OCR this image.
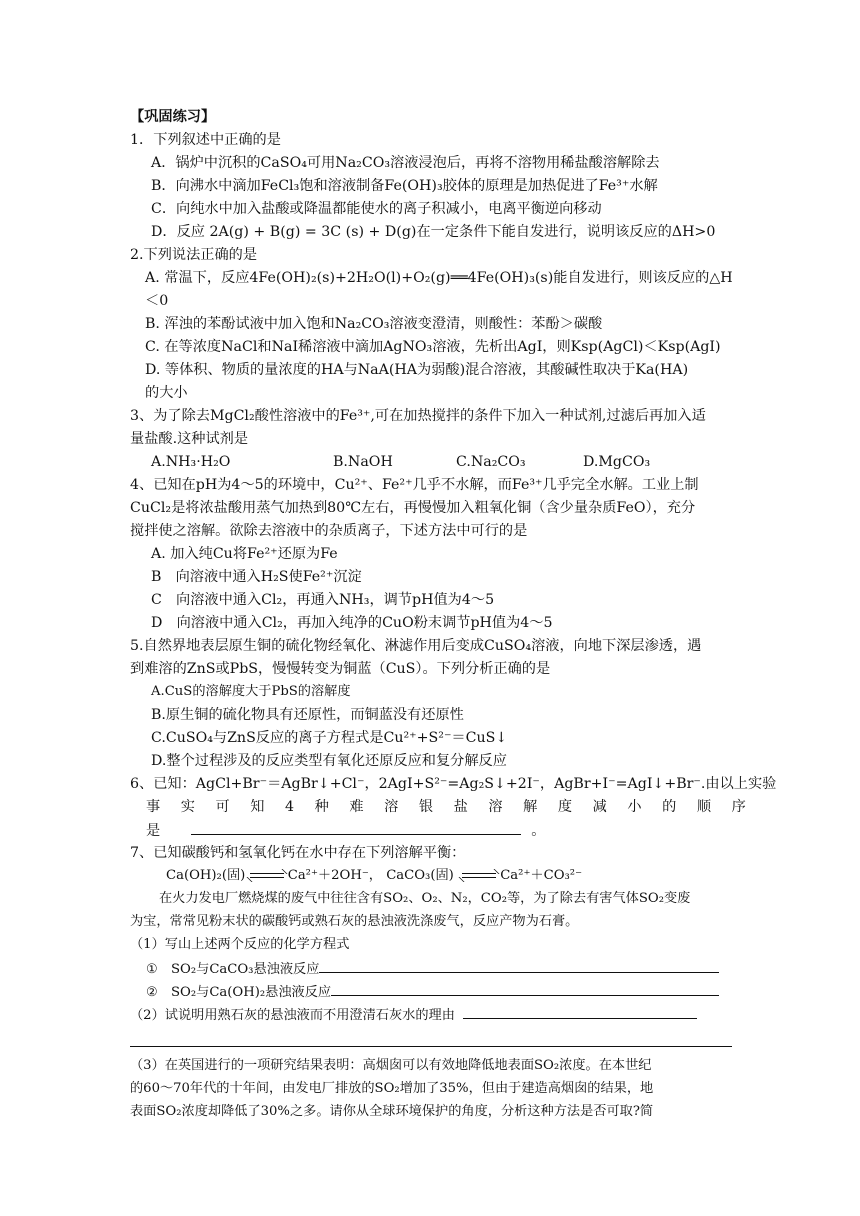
【巩固练习】
1．下列叙述中正确的是
A．锅炉中沉积的CaSO₄可用Na₂CO₃溶液浸泡后，再将不溶物用稀盐酸溶解除去
B．向沸水中滴加FeCl₃饱和溶液制备Fe(OH)₃胶体的原理是加热促进了Fe³⁺水解
C．向纯水中加入盐酸或降温都能使水的离子积减小，电离平衡逆向移动
D．反应 2A(g) + B(g) = 3C (s) + D(g)在一定条件下能自发进行，说明该反应的ΔH>0
2.下列说法正确的是
A. 常温下，反应4Fe(OH)₂(s)+2H₂O(l)+O₂(g)══4Fe(OH)₃(s)能自发进行，则该反应的△H
＜0
B. 浑浊的苯酚试液中加入饱和Na₂CO₃溶液变澄清，则酸性：苯酚＞碳酸
C. 在等浓度NaCl和NaI稀溶液中滴加AgNO₃溶液，先析出AgI，则Ksp(AgCl)＜Ksp(AgI)
D. 等体积、物质的量浓度的HA与NaA(HA为弱酸)混合溶液，其酸碱性取决于Ka(HA)
的大小
3、为了除去MgCl₂酸性溶液中的Fe³⁺,可在加热搅拌的条件下加入一种试剂,过滤后再加入适
量盐酸.这种试剂是
A.NH₃·H₂O	B.NaOH	C.Na₂CO₃	D.MgCO₃
4、已知在pH为4～5的环境中，Cu²⁺、Fe²⁺几乎不水解，而Fe³⁺几乎完全水解。工业上制
CuCl₂是将浓盐酸用蒸气加热到80℃左右，再慢慢加入粗氧化铜（含少量杂质FeO），充分
搅拌使之溶解。欲除去溶液中的杂质离子，下述方法中可行的是
A. 加入纯Cu将Fe²⁺还原为Fe
B　向溶液中通入H₂S使Fe²⁺沉淀
C　向溶液中通入Cl₂，再通入NH₃，调节pH值为4～5
D　向溶液中通入Cl₂，再加入纯净的CuO粉末调节pH值为4～5
5.自然界地表层原生铜的硫化物经氧化、淋滤作用后变成CuSO₄溶液，向地下深层渗透，遇
到难溶的ZnS或PbS，慢慢转变为铜蓝（CuS）。下列分析正确的是
A.CuS的溶解度大于PbS的溶解度
B.原生铜的硫化物具有还原性，而铜蓝没有还原性
C.CuSO₄与ZnS反应的离子方程式是Cu²⁺+S²⁻＝CuS↓
D.整个过程涉及的反应类型有氧化还原反应和复分解反应
6、已知：AgCl+Br⁻＝AgBr↓+Cl⁻，2AgI+S²⁻=Ag₂S↓+2I⁻，AgBr+I⁻=AgI↓+Br⁻.由以上实验
事 实 可 知 4 种 难 溶 银 盐 溶 解 度 减 小 的 顺 序
是	。
7、已知碳酸钙和氢氧化钙在水中存在下列溶解平衡：
Ca(OH)₂(固)	Ca²⁺＋2OH⁻， CaCO₃(固)	Ca²⁺＋CO₃²⁻
在火力发电厂燃烧煤的废气中往往含有SO₂、O₂、N₂，CO₂等，为了除去有害气体SO₂变废
为宝，常常见粉末状的碳酸钙或熟石灰的悬浊液洗涤废气，反应产物为石膏。
（1）写山上述两个反应的化学方程式
①　SO₂与CaCO₃悬浊液反应
②　SO₂与Ca(OH)₂悬浊液反应
（2）试说明用熟石灰的悬浊液而不用澄清石灰水的理由
（3）在英国进行的一项研究结果表明：高烟囱可以有效地降低地表面SO₂浓度。在本世纪
的60～70年代的十年间，由发电厂排放的SO₂增加了35%，但由于建造高烟囱的结果，地
表面SO₂浓度却降低了30%之多。请你从全球环境保护的角度，分析这种方法是否可取?简
